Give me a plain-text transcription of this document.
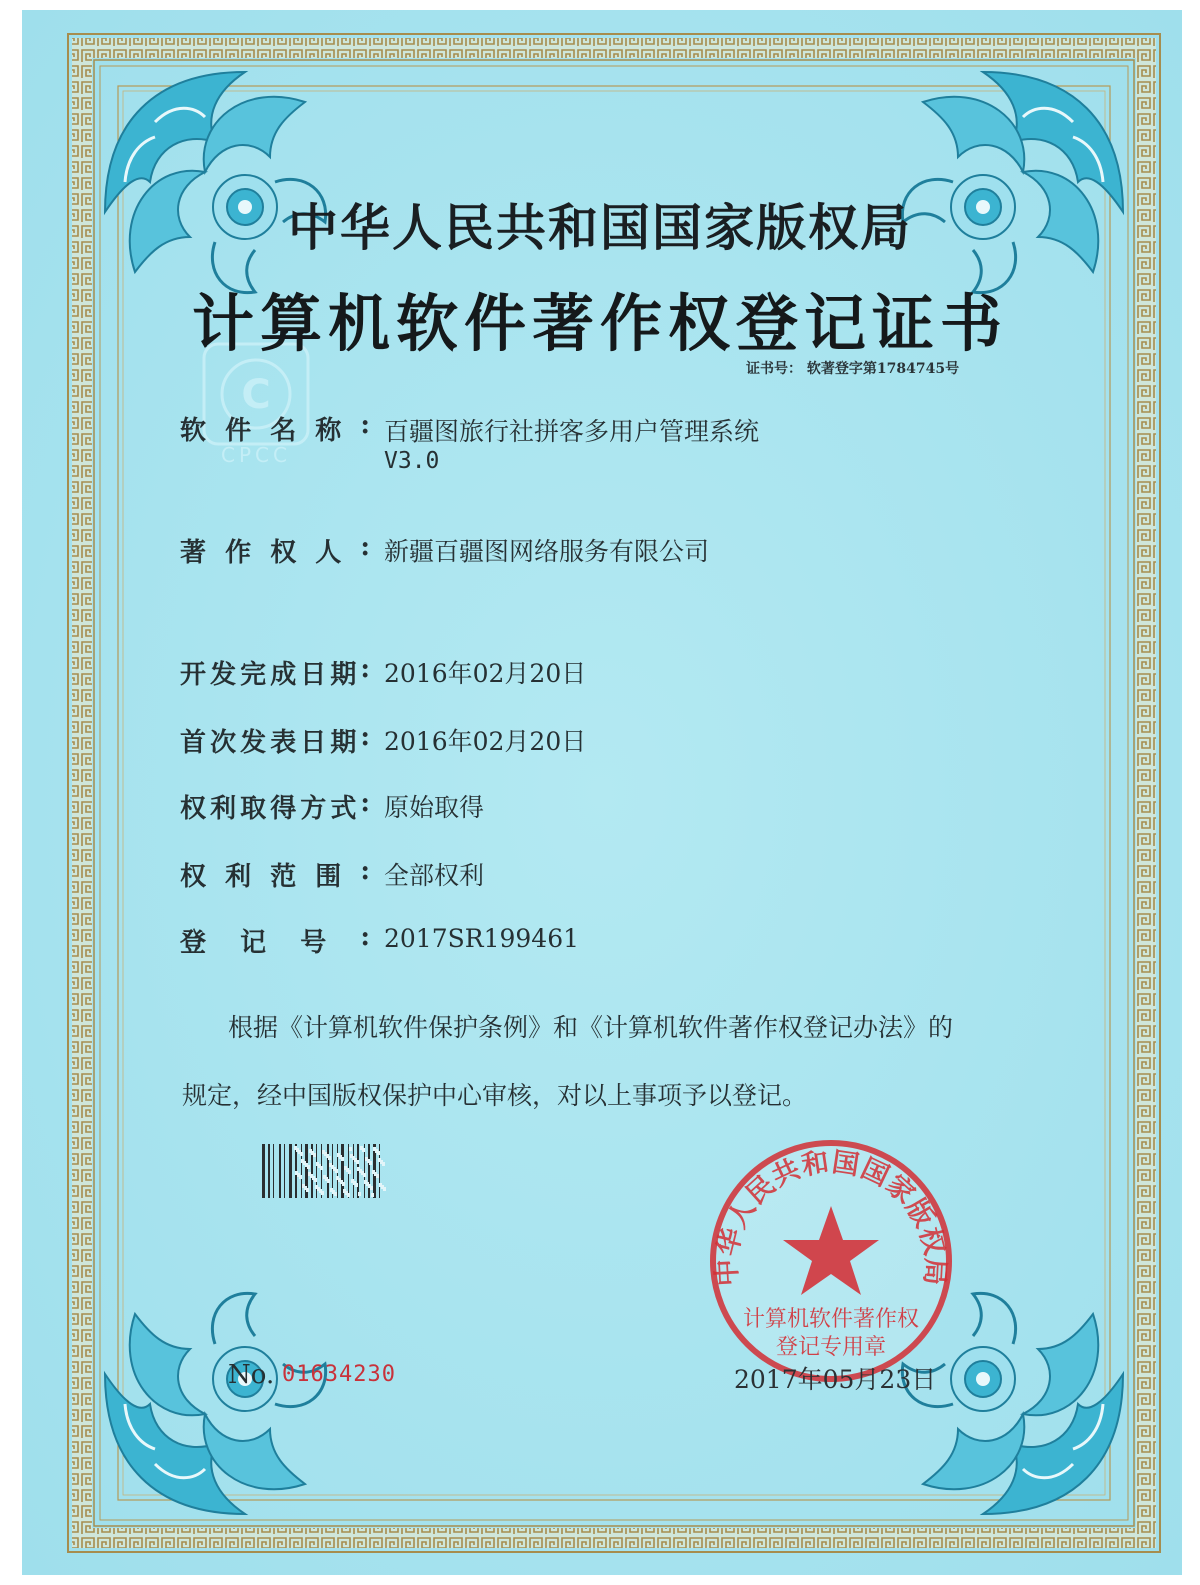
C
CPCC
中华人民共和国国家版权局
计算机软件著作权登记证书
证书号： 软著登字第1784745号
软 件 名 称 : 百疆图旅行社拼客多用户管理系统
V3.0
著 作 权 人 : 新疆百疆图网络服务有限公司
开 发 完 成 日 期 : 2016年02月20日
首 次 发 表 日 期 : 2016年02月20日
权 利 取 得 方 式 : 原始取得
权 利 范 围 : 全部权利
登 记 号 : 2017SR199461
根据《计算机软件保护条例》和《计算机软件著作权登记办法》的
规定，经中国版权保护中心审核，对以上事项予以登记。
No. 01634230
中华人民共和国国家版权局
计算机软件著作权
登记专用章
2017年05月23日
